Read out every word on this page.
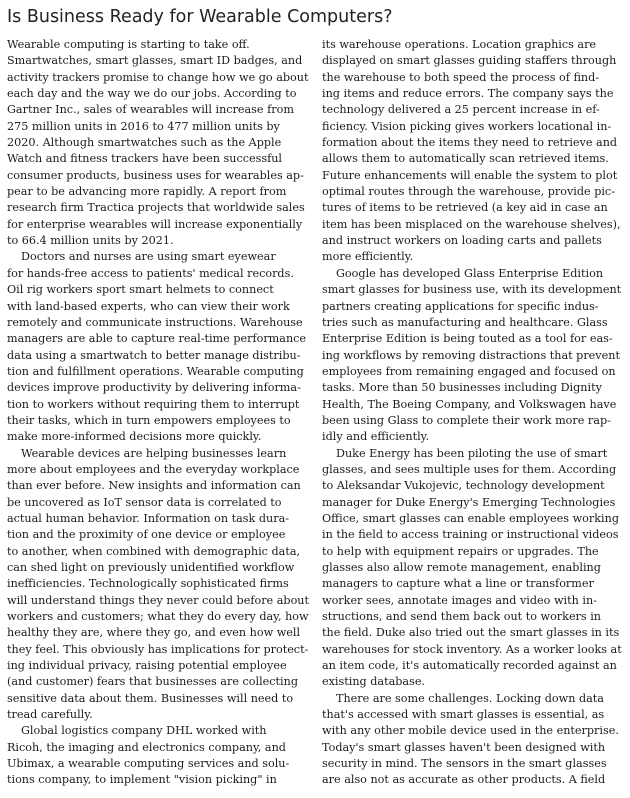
Is Business Ready for Wearable Computers?
Wearable computing is starting to take off.
Smartwatches, smart glasses, smart ID badges, and
activity trackers promise to change how we go about
each day and the way we do our jobs. According to
Gartner Inc., sales of wearables will increase from
275 million units in 2016 to 477 million units by
2020. Although smartwatches such as the Apple
Watch and fitness trackers have been successful
consumer products, business uses for wearables ap-
pear to be advancing more rapidly. A report from
research firm Tractica projects that worldwide sales
for enterprise wearables will increase exponentially
to 66.4 million units by 2021.
Doctors and nurses are using smart eyewear
for hands-free access to patients' medical records.
Oil rig workers sport smart helmets to connect
with land-based experts, who can view their work
remotely and communicate instructions. Warehouse
managers are able to capture real-time performance
data using a smartwatch to better manage distribu-
tion and fulfillment operations. Wearable computing
devices improve productivity by delivering informa-
tion to workers without requiring them to interrupt
their tasks, which in turn empowers employees to
make more-informed decisions more quickly.
Wearable devices are helping businesses learn
more about employees and the everyday workplace
than ever before. New insights and information can
be uncovered as IoT sensor data is correlated to
actual human behavior. Information on task dura-
tion and the proximity of one device or employee
to another, when combined with demographic data,
can shed light on previously unidentified workflow
inefficiencies. Technologically sophisticated firms
will understand things they never could before about
workers and customers; what they do every day, how
healthy they are, where they go, and even how well
they feel. This obviously has implications for protect-
ing individual privacy, raising potential employee
(and customer) fears that businesses are collecting
sensitive data about them. Businesses will need to
tread carefully.
Global logistics company DHL worked with
Ricoh, the imaging and electronics company, and
Ubimax, a wearable computing services and solu-
tions company, to implement "vision picking" in
its warehouse operations. Location graphics are
displayed on smart glasses guiding staffers through
the warehouse to both speed the process of find-
ing items and reduce errors. The company says the
technology delivered a 25 percent increase in ef-
ficiency. Vision picking gives workers locational in-
formation about the items they need to retrieve and
allows them to automatically scan retrieved items.
Future enhancements will enable the system to plot
optimal routes through the warehouse, provide pic-
tures of items to be retrieved (a key aid in case an
item has been misplaced on the warehouse shelves),
and instruct workers on loading carts and pallets
more efficiently.
Google has developed Glass Enterprise Edition
smart glasses for business use, with its development
partners creating applications for specific indus-
tries such as manufacturing and healthcare. Glass
Enterprise Edition is being touted as a tool for eas-
ing workflows by removing distractions that prevent
employees from remaining engaged and focused on
tasks. More than 50 businesses including Dignity
Health, The Boeing Company, and Volkswagen have
been using Glass to complete their work more rap-
idly and efficiently.
Duke Energy has been piloting the use of smart
glasses, and sees multiple uses for them. According
to Aleksandar Vukojevic, technology development
manager for Duke Energy's Emerging Technologies
Office, smart glasses can enable employees working
in the field to access training or instructional videos
to help with equipment repairs or upgrades. The
glasses also allow remote management, enabling
managers to capture what a line or transformer
worker sees, annotate images and video with in-
structions, and send them back out to workers in
the field. Duke also tried out the smart glasses in its
warehouses for stock inventory. As a worker looks at
an item code, it's automatically recorded against an
existing database.
There are some challenges. Locking down data
that's accessed with smart glasses is essential, as
with any other mobile device used in the enterprise.
Today's smart glasses haven't been designed with
security in mind. The sensors in the smart glasses
are also not as accurate as other products. A field
